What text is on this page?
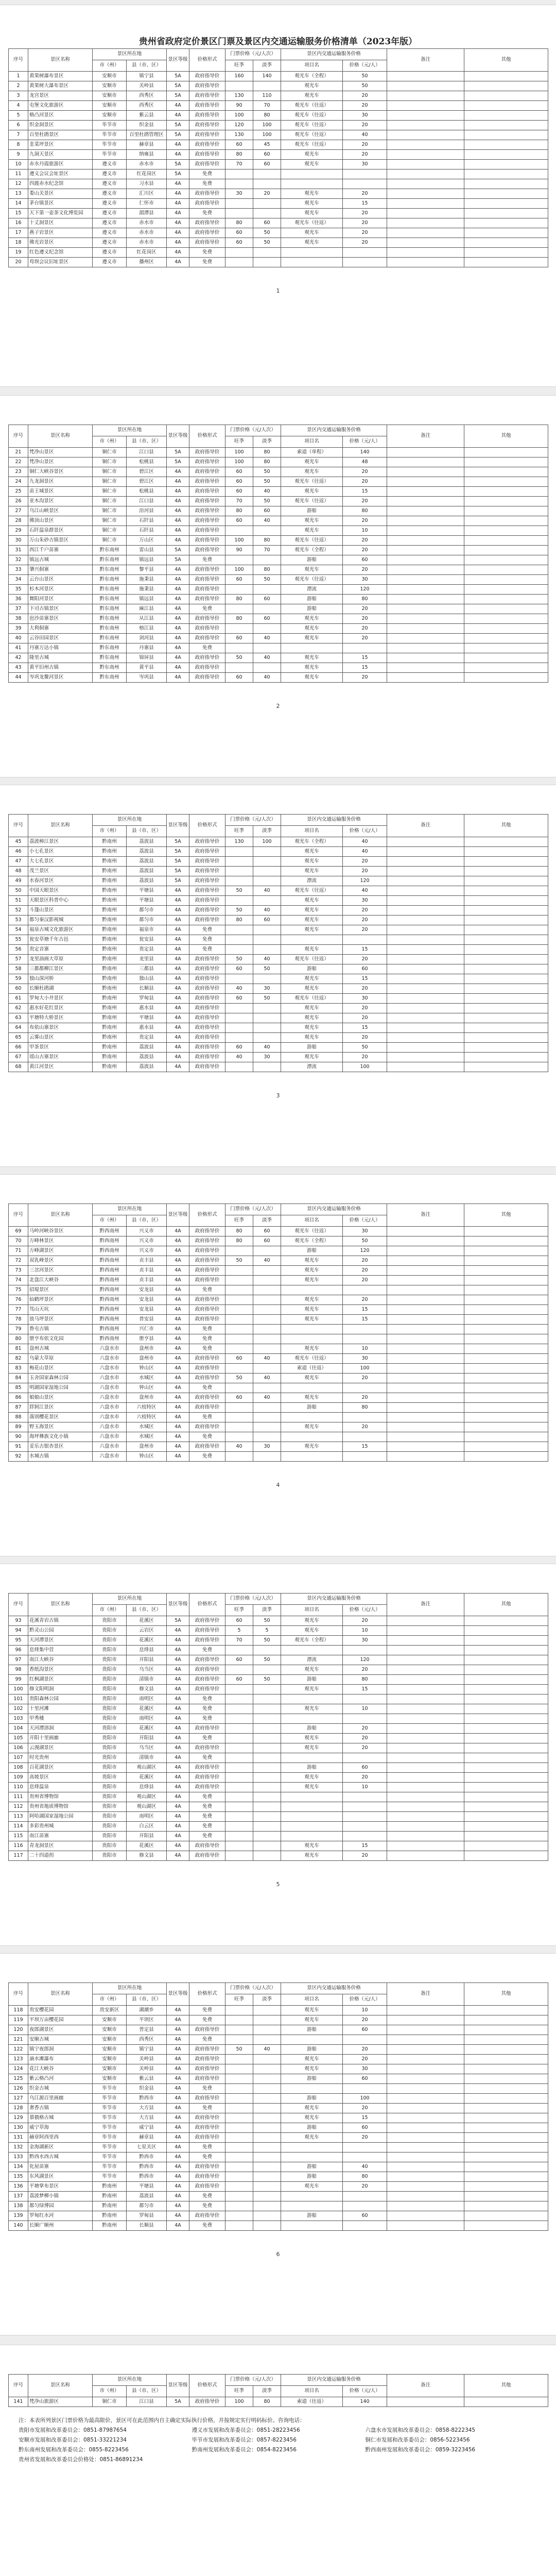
贵州省政府定价景区门票及景区内交通运输服务价格清单（2023年版）
序号	景区名称	景区所在地		景区等级	价格形式	门票价格（元/人次）		景区内交通运输服务价格		备注	其他
		市（州）	县（市、区）			旺季	淡季	项目名	价格（元/人）		
1	黄果树瀑布景区	安顺市	镇宁县	5A	政府指导价	160	140	观光车（全程）	50		
2	黄果树大瀑布景区	安顺市	关岭县	5A	政府指导价			观光车	50		
3	龙宫景区	安顺市	西秀区	5A	政府指导价	130	110	观光车	20		
4	屯堡文化旅游区	安顺市	西秀区	4A	政府指导价	90	70	观光车（往返）	20		
5	格凸河景区	安顺市	紫云县	4A	政府指导价	100	80	观光车（往返）	30		
6	织金洞景区	毕节市	织金县	5A	政府指导价	120	100	观光车（往返）	20		
7	百里杜鹃景区	毕节市	百里杜鹃管理区	5A	政府指导价	130	100	观光车（往返）	40		
8	韭菜坪景区	毕节市	赫章县	4A	政府指导价	60	45	观光车（往返）	20		
9	九洞天景区	毕节市	纳雍县	4A	政府指导价	80	60	观光车	20		
10	赤水丹霞旅游区	遵义市	赤水市	5A	政府指导价	70	60	观光车	30		
11	遵义会议会址景区	遵义市	红花岗区	5A	免费						
12	四渡赤水纪念馆	遵义市	习水县	4A	免费						
13	娄山关景区	遵义市	汇川区	4A	政府指导价	30	20	观光车	20		
14	茅台镇景区	遵义市	仁怀市	4A	政府指导价			观光车	15		
15	天下第一壶茶文化博览园	遵义市	湄潭县	4A	免费			观光车	20		
16	十丈洞景区	遵义市	赤水市	4A	政府指导价	80	60	观光车（往返）	20		
17	燕子岩景区	遵义市	赤水市	4A	政府指导价	60	50	观光车	20		
18	佛光岩景区	遵义市	赤水市	4A	政府指导价	60	50	观光车	20		
19	红色遵义纪念馆	遵义市	红花岗区	4A	免费						
20	苟坝会议旧址景区	遵义市	播州区	4A	免费						
1
序号	景区名称	景区所在地		景区等级	价格形式	门票价格（元/人次）		景区内交通运输服务价格		备注	其他
		市（州）	县（市、区）			旺季	淡季	项目名	价格（元/人）		
21	梵净山景区	铜仁市	江口县	5A	政府指导价	100	80	索道（单程）	140		
22	梵净山景区	铜仁市	松桃县	5A	政府指导价	100	80	观光车	48		
23	铜仁大峡谷景区	铜仁市	碧江区	4A	政府指导价	60	50	观光车	20		
24	九龙洞景区	铜仁市	碧江区	4A	政府指导价	60	50	观光车（往返）	20		
25	苗王城景区	铜仁市	松桃县	4A	政府指导价	60	40	观光车	15		
26	亚木沟景区	铜仁市	江口县	4A	政府指导价	70	50	观光车（往返）	20		
27	乌江山峡景区	铜仁市	沿河县	4A	政府指导价	80	60	游船	80		
28	佛顶山景区	铜仁市	石阡县	4A	政府指导价	60	40	观光车	20		
29	石阡温泉群景区	铜仁市	石阡县	4A	政府指导价			观光车	10		
30	万山朱砂古镇景区	铜仁市	万山区	4A	政府指导价	100	80	观光车（往返）	20		
31	西江千户苗寨	黔东南州	雷山县	5A	政府指导价	90	70	观光车（全程）	20		
32	镇远古城	黔东南州	镇远县	5A	免费			游船	60		
33	肇兴侗寨	黔东南州	黎平县	4A	政府指导价	100	80	观光车	20		
34	云台山景区	黔东南州	施秉县	4A	政府指导价	60	50	观光车（往返）	30		
35	杉木河景区	黔东南州	施秉县	4A	政府指导价			漂流	120		
36	舞阳河景区	黔东南州	镇远县	4A	政府指导价	80	60	游船	80		
37	下司古镇景区	黔东南州	麻江县	4A	免费			游船	20		
38	岜沙苗寨景区	黔东南州	从江县	4A	政府指导价	80	60	观光车	20		
39	大利侗寨	黔东南州	榕江县	4A	政府指导价			观光车	20		
40	云谷田园景区	黔东南州	剑河县	4A	政府指导价	60	40	观光车	20		
41	丹寨万达小镇	黔东南州	丹寨县	4A	免费						
42	隆里古城	黔东南州	锦屏县	4A	政府指导价	50	40	观光车	15		
43	黄平旧州古镇	黔东南州	黄平县	4A	政府指导价			观光车	15		
44	岑巩龙鳌河景区	黔东南州	岑巩县	4A	政府指导价	60	40	观光车	20		
2
序号	景区名称	景区所在地		景区等级	价格形式	门票价格（元/人次）		景区内交通运输服务价格		备注	其他
		市（州）	县（市、区）			旺季	淡季	项目名	价格（元/人）		
45	荔波樟江景区	黔南州	荔波县	5A	政府指导价	130	100	观光车（全程）	40		
46	小七孔景区	黔南州	荔波县	5A	政府指导价			观光车	40		
47	大七孔景区	黔南州	荔波县	5A	政府指导价			观光车	20		
48	茂兰景区	黔南州	荔波县	5A	政府指导价			观光车	20		
49	水春河景区	黔南州	荔波县	5A	政府指导价			漂流	120		
50	中国天眼景区	黔南州	平塘县	4A	政府指导价	50	40	观光车（往返）	40		
51	天眼景区科普中心	黔南州	平塘县	4A	政府指导价			观光车	30		
52	斗篷山景区	黔南州	都匀市	4A	政府指导价	50	40	观光车	20		
53	都匀秦汉影视城	黔南州	都匀市	4A	政府指导价	80	60	观光车	20		
54	福泉古城文化旅游区	黔南州	福泉市	4A	免费			观光车	20		
55	瓮安草塘千年古邑	黔南州	瓮安县	4A	免费						
56	贵定音寨	黔南州	贵定县	4A	免费			观光车	15		
57	龙里油画大草原	黔南州	龙里县	4A	政府指导价	50	40	观光车（往返）	20		
58	三都都柳江景区	黔南州	三都县	4A	政府指导价	60	50	游船	60		
59	独山深河桥	黔南州	独山县	4A	政府指导价			观光车	15		
60	长顺杜鹃湖	黔南州	长顺县	4A	政府指导价	40	30	观光车	20		
61	罗甸大小井景区	黔南州	罗甸县	4A	政府指导价	60	50	观光车（往返）	30		
62	惠水好花红景区	黔南州	惠水县	4A	政府指导价			观光车	20		
63	平塘特大桥景区	黔南州	平塘县	4A	政府指导价			观光车	20		
64	布依山寨景区	黔南州	惠水县	4A	政府指导价			观光车	15		
65	云雾山景区	黔南州	贵定县	4A	政府指导价			观光车	20		
66	甲茶景区	黔南州	荔波县	4A	政府指导价	60	40	游船	50		
67	瑶山古寨景区	黔南州	荔波县	4A	政府指导价	40	30	观光车	20		
68	黄江河景区	黔南州	荔波县	4A	政府指导价			漂流	100		
3
序号	景区名称	景区所在地		景区等级	价格形式	门票价格（元/人次）		景区内交通运输服务价格		备注	其他
		市（州）	县（市、区）			旺季	淡季	项目名	价格（元/人）		
69	马岭河峡谷景区	黔西南州	兴义市	4A	政府指导价	80	60	观光车（往返）	30		
70	万峰林景区	黔西南州	兴义市	4A	政府指导价	80	60	观光车（全程）	50		
71	万峰湖景区	黔西南州	兴义市	4A	政府指导价			游船	120		
72	双乳峰景区	黔西南州	贞丰县	4A	政府指导价	50	40	观光车	20		
73	三岔河景区	黔西南州	贞丰县	4A	政府指导价			观光车	20		
74	北盘江大峡谷	黔西南州	贞丰县	4A	政府指导价			观光车	20		
75	招堤景区	黔西南州	安龙县	4A	免费						
76	仙鹤坪景区	黔西南州	安龙县	4A	政府指导价			观光车	20		
77	笃山天坑	黔西南州	安龙县	4A	政府指导价			观光车	15		
78	放马坪景区	黔西南州	普安县	4A	政府指导价			观光车	15		
79	鲁屯古镇	黔西南州	兴仁市	4A	免费						
80	册亨布依文化园	黔西南州	册亨县	4A	免费						
81	盘州古城	六盘水市	盘州市	4A	免费			观光车	10		
82	乌蒙大草原	六盘水市	盘州市	4A	政府指导价	60	40	观光车（往返）	30		
83	梅花山景区	六盘水市	钟山区	4A	政府指导价			索道（往返）	100		
84	玉舍国家森林公园	六盘水市	水城区	4A	政府指导价	50	40	观光车	20		
85	明湖国家湿地公园	六盘水市	钟山区	4A	免费						
86	娘娘山景区	六盘水市	盘州市	4A	政府指导价	60	40	观光车	20		
87	牂牁江景区	六盘水市	六枝特区	4A	政府指导价			游船	80		
88	落别樱花景区	六盘水市	六枝特区	4A	免费						
89	野玉海景区	六盘水市	水城区	4A	政府指导价			观光车	20		
90	海坪彝族文化小镇	六盘水市	水城区	4A	免费						
91	妥乐古银杏景区	六盘水市	盘州市	4A	政府指导价	40	30	观光车	15		
92	水城古镇	六盘水市	钟山区	4A	免费						
4
序号	景区名称	景区所在地		景区等级	价格形式	门票价格（元/人次）		景区内交通运输服务价格		备注	其他
		市（州）	县（市、区）			旺季	淡季	项目名	价格（元/人）		
93	花溪青岩古镇	贵阳市	花溪区	5A	政府指导价	60	50	观光车	20		
94	黔灵山公园	贵阳市	云岩区	4A	政府指导价	5	5	观光车	10		
95	天河潭景区	贵阳市	花溪区	4A	政府指导价	70	50	观光车（全程）	30		
96	息烽集中营	贵阳市	息烽县	4A	免费						
97	南江大峡谷	贵阳市	开阳县	4A	政府指导价	60	50	漂流	120		
98	香纸沟景区	贵阳市	乌当区	4A	政府指导价			观光车	20		
99	红枫湖景区	贵阳市	清镇市	4A	政府指导价	60	50	游船	80		
100	修文阳明洞	贵阳市	修文县	4A	政府指导价			观光车	15		
101	贵阳森林公园	贵阳市	南明区	4A	免费						
102	十里河滩	贵阳市	花溪区	4A	免费			观光车	10		
103	甲秀楼	贵阳市	南明区	4A	免费						
104	天河潭溶洞	贵阳市	花溪区	4A	政府指导价			游船	20		
105	开阳十里画廊	贵阳市	开阳县	4A	免费			观光车	20		
106	云漫湖景区	贵阳市	乌当区	4A	政府指导价			观光车	20		
107	时光贵州	贵阳市	清镇市	4A	免费						
108	百花湖景区	贵阳市	观山湖区	4A	政府指导价			游船	60		
109	高坡景区	贵阳市	花溪区	4A	政府指导价			观光车	20		
110	息烽温泉	贵阳市	息烽县	4A	政府指导价			观光车	10		
111	贵州省博物馆	贵阳市	观山湖区	4A	免费						
112	贵州省地质博物馆	贵阳市	观山湖区	4A	免费						
113	阿哈湖国家湿地公园	贵阳市	南明区	4A	免费						
114	多彩贵州城	贵阳市	白云区	4A	免费						
115	南江苗寨	贵阳市	开阳县	4A	免费						
116	青龙洞景区	贵阳市	花溪区	4A	政府指导价			观光车	15		
117	二十四道拐	贵阳市	修文县	4A	政府指导价			观光车	20		
5
序号	景区名称	景区所在地		景区等级	价格形式	门票价格（元/人次）		景区内交通运输服务价格		备注	其他
		市（州）	县（市、区）			旺季	淡季	项目名	价格（元/人）		
118	贵安樱花园	贵安新区	湖潮乡	4A	免费			观光车	10		
119	平坝万亩樱花园	安顺市	平坝区	4A	免费			观光车	20		
120	夜郎湖景区	安顺市	普定县	4A	政府指导价			游船	60		
121	安顺古城	安顺市	西秀区	4A	免费						
122	镇宁夜郎洞	安顺市	镇宁县	4A	政府指导价	50	40	游船	20		
123	滴水滩瀑布	安顺市	关岭县	4A	政府指导价			观光车	20		
124	花江大峡谷	安顺市	关岭县	4A	政府指导价			观光车	30		
125	紫云格凸河	安顺市	紫云县	4A	政府指导价			游船	60		
126	织金古城	毕节市	织金县	4A	免费						
127	乌江源百里画廊	毕节市	黔西市	4A	政府指导价			游船	100		
128	奢香古镇	毕节市	大方县	4A	免费			观光车	20		
129	慕俄格古城	毕节市	大方县	4A	政府指导价			观光车	15		
130	威宁草海	毕节市	威宁县	4A	政府指导价			游船	60		
131	赫章阿西里西	毕节市	赫章县	4A	政府指导价			观光车	20		
132	金海湖新区	毕节市	七星关区	4A	免费						
133	黔西水西古城	毕节市	黔西市	4A	免费						
134	化屋苗寨	毕节市	黔西市	4A	政府指导价			游船	40		
135	东风湖景区	毕节市	黔西市	4A	政府指导价			游船	80		
136	平塘掌布景区	黔南州	平塘县	4A	政府指导价			观光车	20		
137	荔波梦柳小镇	黔南州	荔波县	4A	免费						
138	都匀绿博园	黔南州	都匀市	4A	免费						
139	罗甸红水河	黔南州	罗甸县	4A	政府指导价			游船	60		
140	长顺广顺州	黔南州	长顺县	4A	免费						
6
序号	景区名称	景区所在地		景区等级	价格形式	门票价格（元/人次）		景区内交通运输服务价格		备注	其他
		市（州）	县（市、区）			旺季	淡季	项目名	价格（元/人）		
141	梵净山旅游区	铜仁市	江口县	5A	政府指导价	100	80	索道（往返）	140		
注：本表所列景区门票价格为最高限价，景区可在此范围内自主确定实际执行价格，并按规定实行明码标价。咨询电话：
贵阳市发展和改革委员会：0851-87987654	遵义市发展和改革委员会：0851-28223456	六盘水市发展和改革委员会：0858-8222345
安顺市发展和改革委员会：0851-33221234	毕节市发展和改革委员会：0857-8223456	铜仁市发展和改革委员会：0856-5223456
黔东南州发展和改革委员会：0855-8223456	黔南州发展和改革委员会：0854-8223456	黔西南州发展和改革委员会：0859-3223456
贵州省发展和改革委员会价格处：0851-86891234
